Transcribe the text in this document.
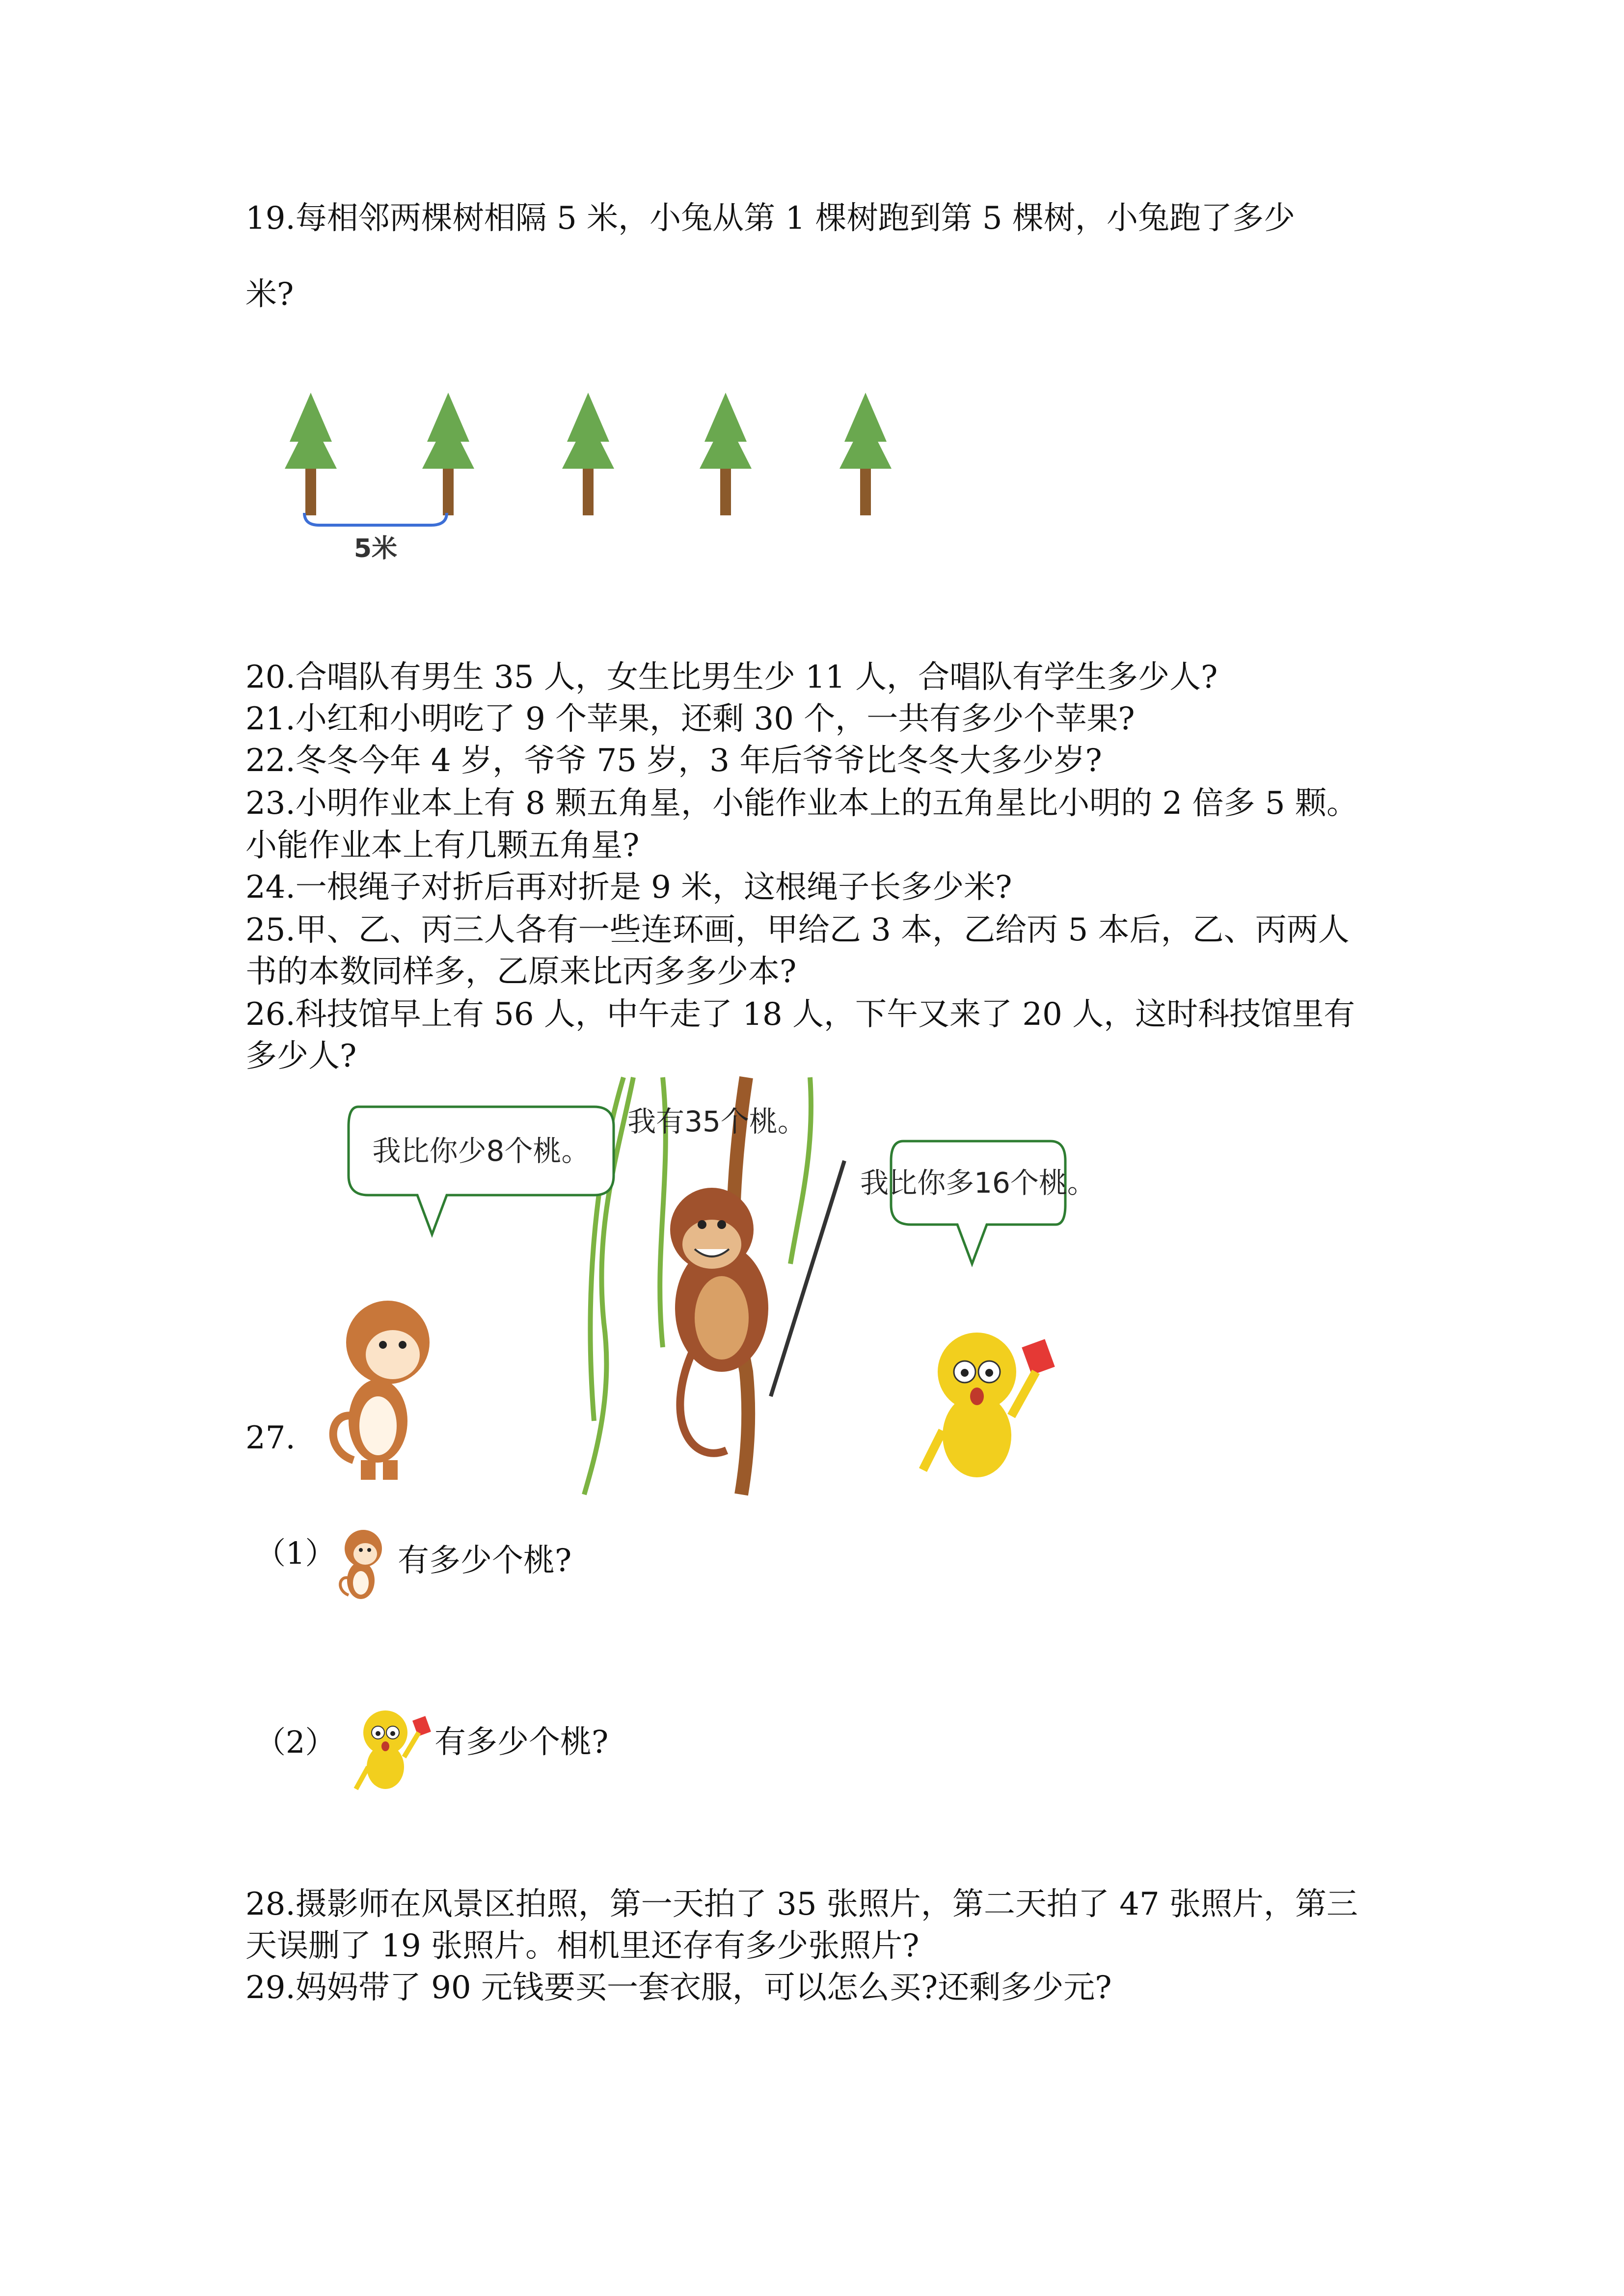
19.每相邻两棵树相隔 5 米，小兔从第 1 棵树跑到第 5 棵树，小兔跑了多少
米?
5米
20.合唱队有男生 35 人，女生比男生少 11 人，合唱队有学生多少人?
21.小红和小明吃了 9 个苹果，还剩 30 个，一共有多少个苹果?
22.冬冬今年 4 岁，爷爷 75 岁，3 年后爷爷比冬冬大多少岁?
23.小明作业本上有 8 颗五角星，小能作业本上的五角星比小明的 2 倍多 5 颗。
小能作业本上有几颗五角星?
24.一根绳子对折后再对折是 9 米，这根绳子长多少米?
25.甲、乙、丙三人各有一些连环画，甲给乙 3 本，乙给丙 5 本后，乙、丙两人
书的本数同样多，乙原来比丙多多少本?
26.科技馆早上有 56 人，中午走了 18 人，下午又来了 20 人，这时科技馆里有
多少人?
27.
我比你少8个桃。
我有35个桃。
我比你多16个桃。
（1） 有多少个桃?
（2）	有多少个桃?
28.摄影师在风景区拍照，第一天拍了 35 张照片，第二天拍了 47 张照片，第三
天误删了 19 张照片。相机里还存有多少张照片?
29.妈妈带了 90 元钱要买一套衣服，可以怎么买?还剩多少元?
